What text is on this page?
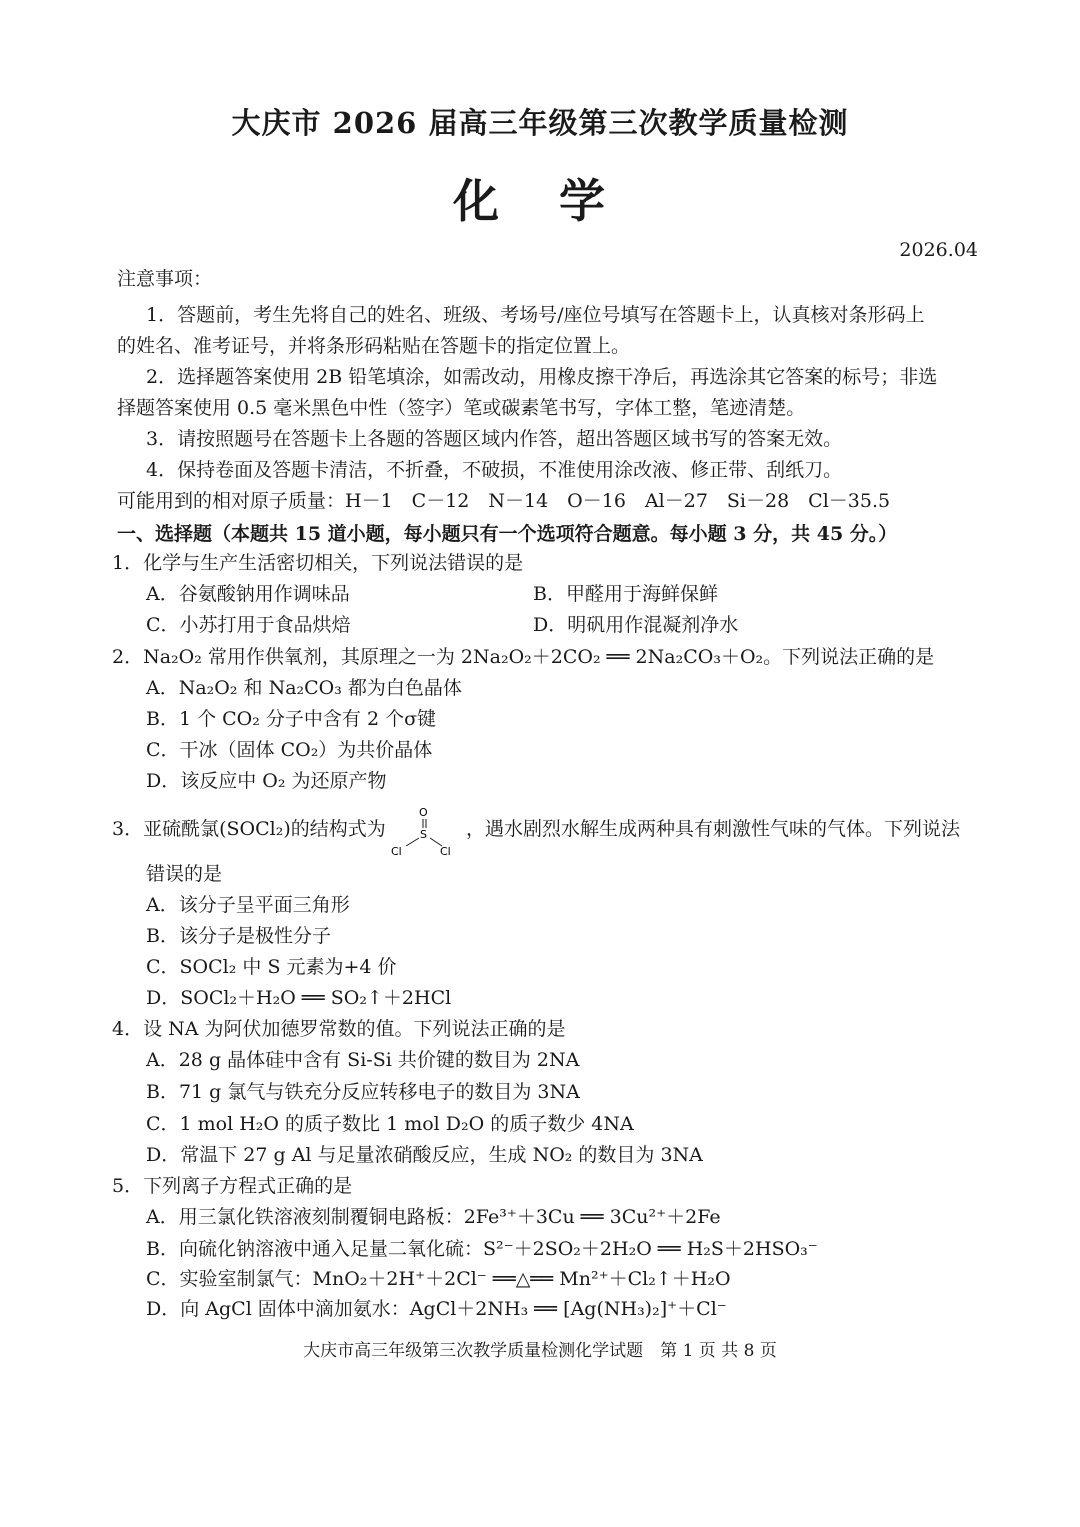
大庆市 2026 届高三年级第三次教学质量检测
化 学
2026.04
注意事项：
1．答题前，考生先将自己的姓名、班级、考场号/座位号填写在答题卡上，认真核对条形码上
的姓名、准考证号，并将条形码粘贴在答题卡的指定位置上。
2．选择题答案使用 2B 铅笔填涂，如需改动，用橡皮擦干净后，再选涂其它答案的标号；非选
择题答案使用 0.5 毫米黑色中性（签字）笔或碳素笔书写，字体工整，笔迹清楚。
3．请按照题号在答题卡上各题的答题区域内作答，超出答题区域书写的答案无效。
4．保持卷面及答题卡清洁，不折叠，不破损，不准使用涂改液、修正带、刮纸刀。
可能用到的相对原子质量：H－1　C－12　N－14　O－16　Al－27　Si－28　Cl－35.5
一、选择题（本题共 15 道小题，每小题只有一个选项符合题意。每小题 3 分，共 45 分。）
1．化学与生产生活密切相关，下列说法错误的是
A．谷氨酸钠用作调味品	B．甲醛用于海鲜保鲜
C．小苏打用于食品烘焙	D．明矾用作混凝剂净水
2．Na₂O₂ 常用作供氧剂，其原理之一为 2Na₂O₂＋2CO₂ ══ 2Na₂CO₃＋O₂。下列说法正确的是
A．Na₂O₂ 和 Na₂CO₃ 都为白色晶体
B．1 个 CO₂ 分子中含有 2 个σ键
C．干冰（固体 CO₂）为共价晶体
D．该反应中 O₂ 为还原产物
3．亚硫酰氯(SOCl₂)的结构式为
O
S
Cl	Cl
，遇水剧烈水解生成两种具有刺激性气味的气体。下列说法
错误的是
A．该分子呈平面三角形
B．该分子是极性分子
C．SOCl₂ 中 S 元素为+4 价
D．SOCl₂＋H₂O ══ SO₂↑＋2HCl
4．设 NA 为阿伏加德罗常数的值。下列说法正确的是
A．28 g 晶体硅中含有 Si-Si 共价键的数目为 2NA
B．71 g 氯气与铁充分反应转移电子的数目为 3NA
C．1 mol H₂O 的质子数比 1 mol D₂O 的质子数少 4NA
D．常温下 27 g Al 与足量浓硝酸反应，生成 NO₂ 的数目为 3NA
5．下列离子方程式正确的是
A．用三氯化铁溶液刻制覆铜电路板：2Fe³⁺＋3Cu ══ 3Cu²⁺＋2Fe
B．向硫化钠溶液中通入足量二氧化硫：S²⁻＋2SO₂＋2H₂O ══ H₂S＋2HSO₃⁻
C．实验室制氯气：MnO₂＋2H⁺＋2Cl⁻ ══△══ Mn²⁺＋Cl₂↑＋H₂O
D．向 AgCl 固体中滴加氨水：AgCl＋2NH₃ ══ [Ag(NH₃)₂]⁺＋Cl⁻
大庆市高三年级第三次教学质量检测化学试题　第 1 页 共 8 页
